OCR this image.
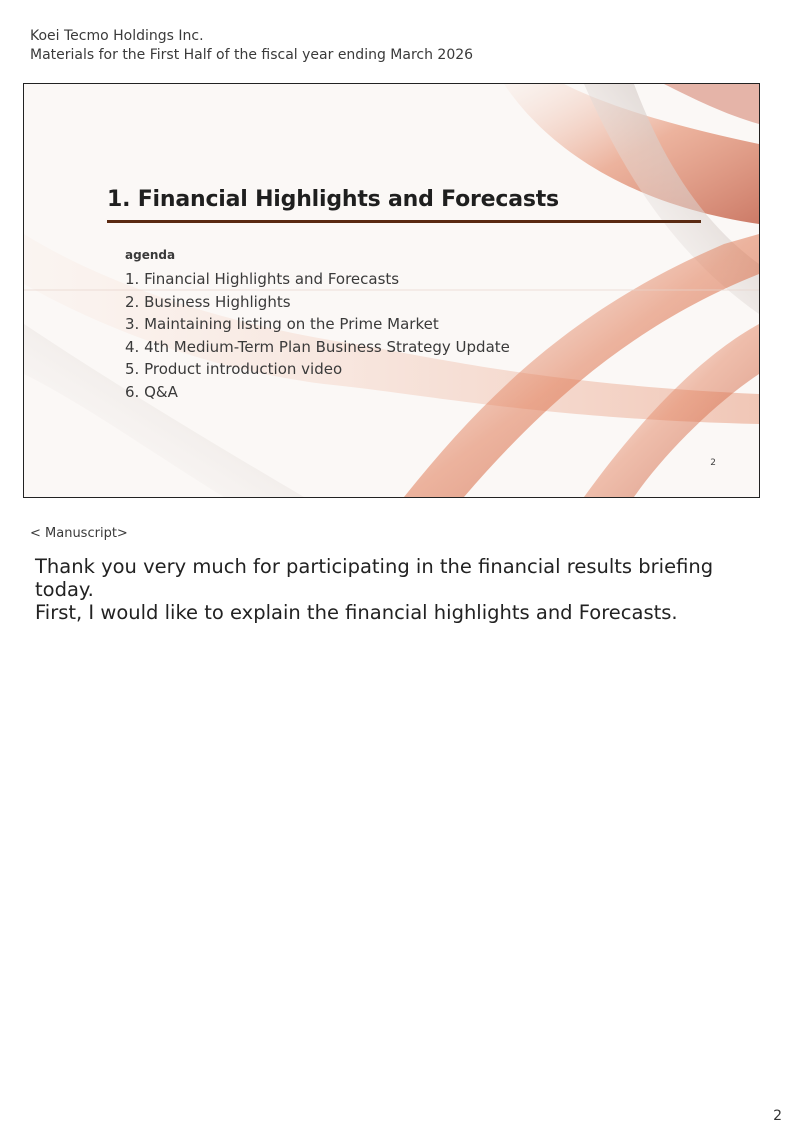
Koei Tecmo Holdings Inc.
Materials for the First Half of the fiscal year ending March 2026
1. Financial Highlights and Forecasts
agenda
1. Financial Highlights and Forecasts
2. Business Highlights
3. Maintaining listing on the Prime Market
4. 4th Medium-Term Plan Business Strategy Update
5. Product introduction video
6. Q&A
2
< Manuscript>

Thank you very much for participating in the financial results briefing today.

First, I would like to explain the financial highlights and Forecasts.

2
